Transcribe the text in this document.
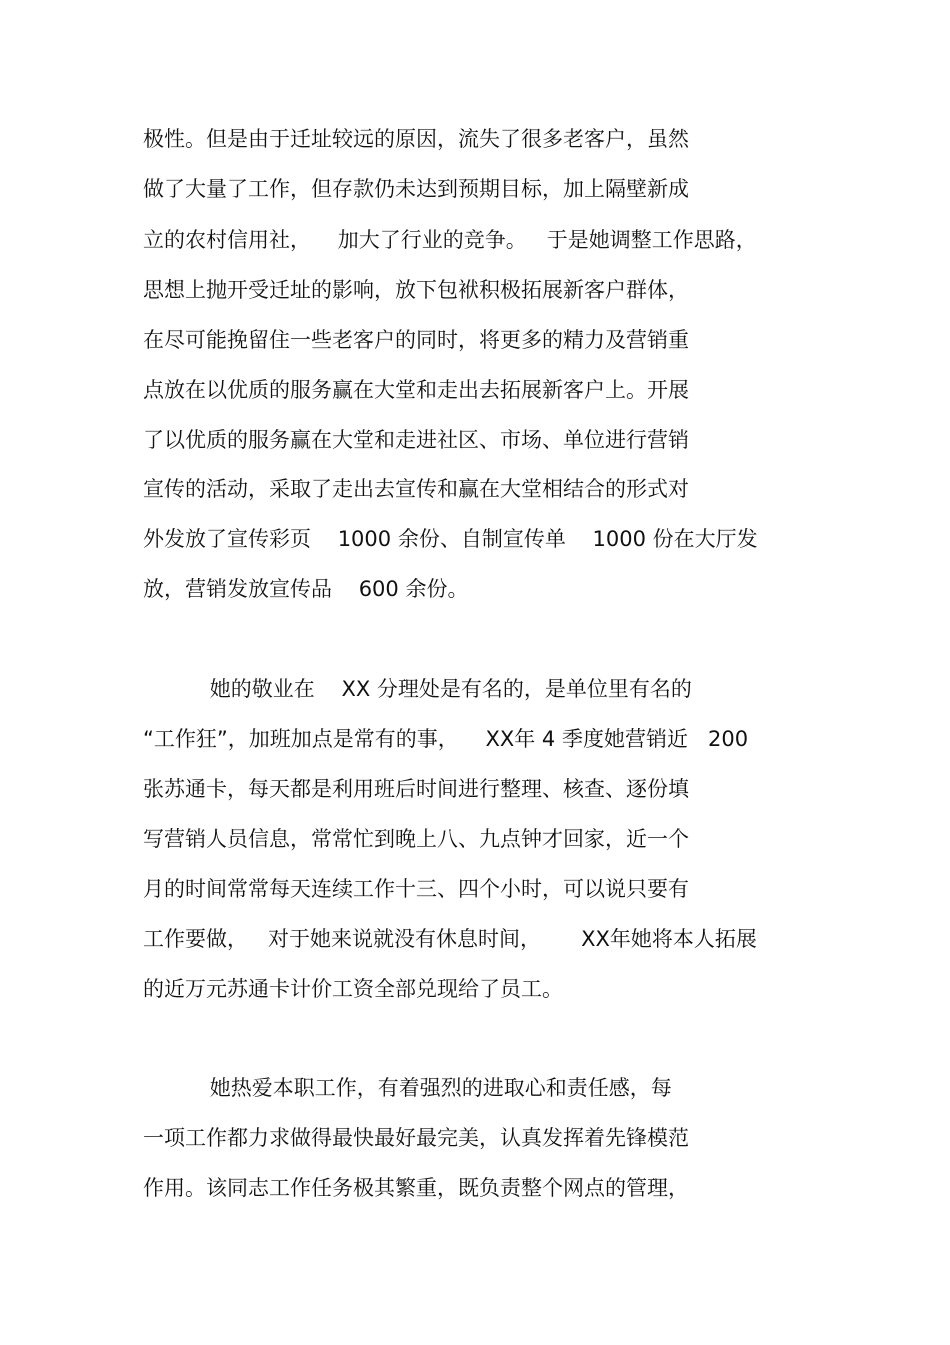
极性。但是由于迁址较远的原因，流失了很多老客户，虽然

做了大量了工作，但存款仍未达到预期目标，加上隔壁新成

立的农村信用社，    加大了行业的竞争。   于是她调整工作思路，

思想上抛开受迁址的影响，放下包袱积极拓展新客户群体，

在尽可能挽留住一些老客户的同时，将更多的精力及营销重

点放在以优质的服务赢在大堂和走出去拓展新客户上。开展

了以优质的服务赢在大堂和走进社区、市场、单位进行营销

宣传的活动，采取了走出去宣传和赢在大堂相结合的形式对

外发放了宣传彩页    1000 余份、自制宣传单    1000 份在大厅发

放，营销发放宣传品    600 余份。

她的敬业在    XX 分理处是有名的，是单位里有名的

“工作狂”，加班加点是常有的事，    XX年 4 季度她营销近   200

张苏通卡，每天都是利用班后时间进行整理、核查、逐份填

写营销人员信息，常常忙到晚上八、九点钟才回家，近一个

月的时间常常每天连续工作十三、四个小时，可以说只要有

工作要做，   对于她来说就没有休息时间，      XX年她将本人拓展

的近万元苏通卡计价工资全部兑现给了员工。

她热爱本职工作，有着强烈的进取心和责任感，每

一项工作都力求做得最快最好最完美，认真发挥着先锋模范

作用。该同志工作任务极其繁重，既负责整个网点的管理，
